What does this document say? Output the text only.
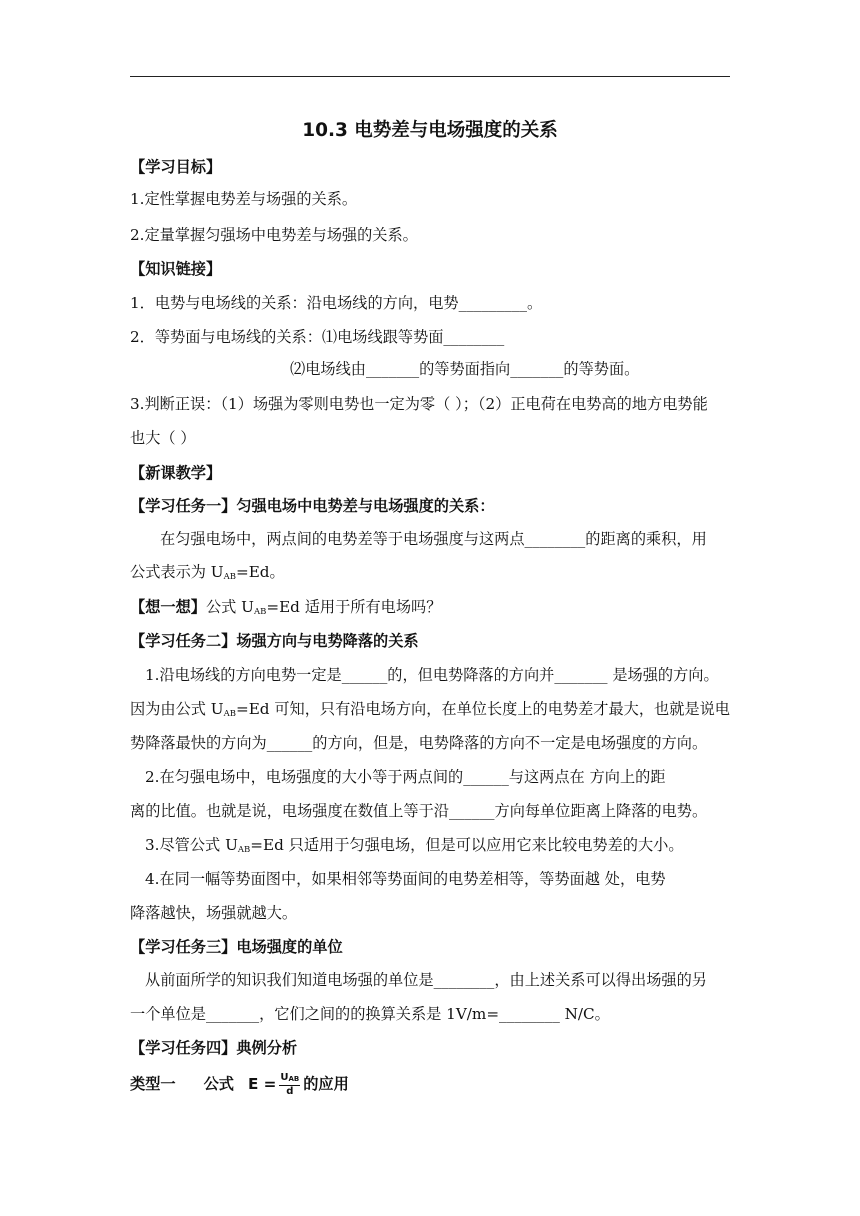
10.3 电势差与电场强度的关系
【学习目标】
1.定性掌握电势差与场强的关系。
2.定量掌握匀强场中电势差与场强的关系。
【知识链接】
1．电势与电场线的关系：沿电场线的方向，电势_________。
2．等势面与电场线的关系：⑴电场线跟等势面________
⑵电场线由_______的等势面指向_______的等势面。
3.判断正误：（1）场强为零则电势也一定为零（ ）；（2）正电荷在电势高的地方电势能
也大（ ）
【新课教学】
【学习任务一】匀强电场中电势差与电场强度的关系：
在匀强电场中，两点间的电势差等于电场强度与这两点________的距离的乘积，用
公式表示为 $U_{AB}=Ed$。
【想一想】公式 $U_{AB}=Ed$ 适用于所有电场吗？
【学习任务二】场强方向与电势降落的关系
1.沿电场线的方向电势一定是______的，但电势降落的方向并_______ 是场强的方向。
因为由公式 $U_{AB}=Ed$ 可知，只有沿电场方向，在单位长度上的电势差才最大，也就是说电
势降落最快的方向为______的方向，但是，电势降落的方向不一定是电场强度的方向。
2.在匀强电场中，电场强度的大小等于两点间的______与这两点在 方向上的距
离的比值。也就是说，电场强度在数值上等于沿______方向每单位距离上降落的电势。
3.尽管公式 $U_{AB}=Ed$ 只适用于匀强电场，但是可以应用它来比较电势差的大小。
4.在同一幅等势面图中，如果相邻等势面间的电势差相等，等势面越 处，电势
降落越快，场强就越大。
【学习任务三】电场强度的单位
从前面所学的知识我们知道电场强的单位是________，由上述关系可以得出场强的另
一个单位是_______，它们之间的的换算关系是 1V/m=________ N/C。
【学习任务四】典例分析
类型一 公式 $E = \frac{\text{UAB}}{d}$ 的应用
